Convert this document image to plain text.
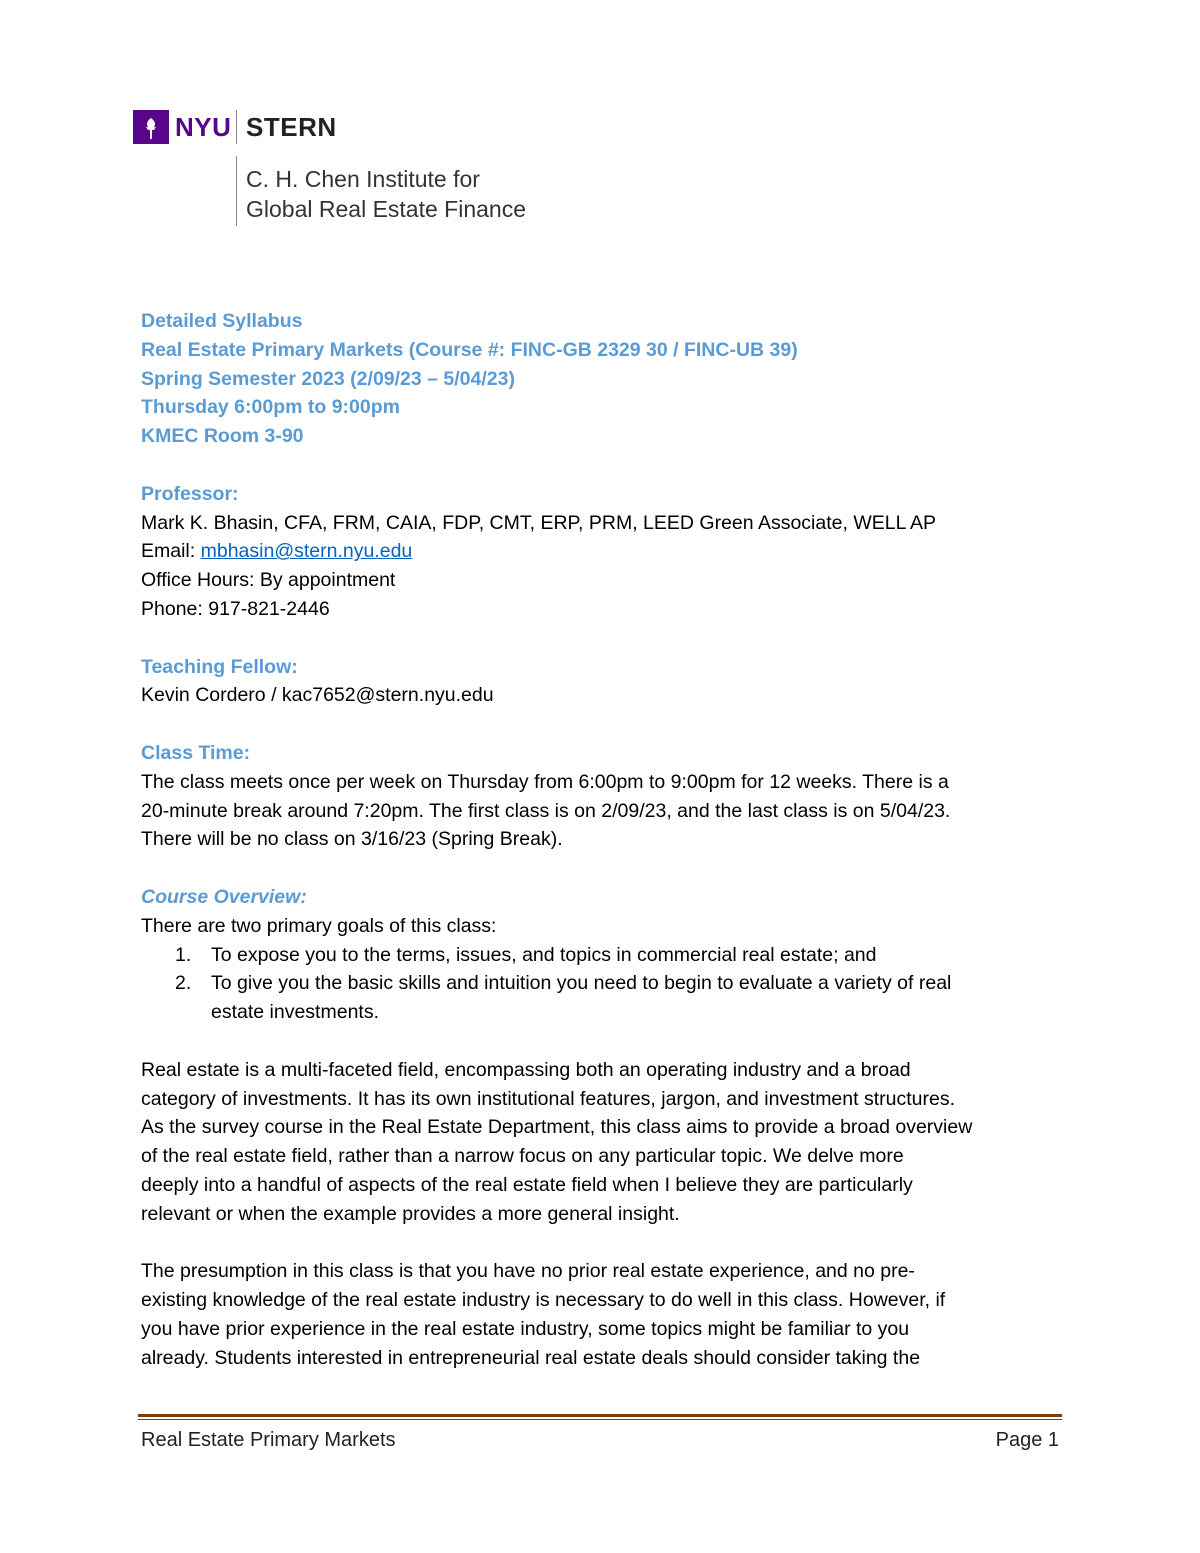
NYU STERN
C. H. Chen Institute for
Global Real Estate Finance
Detailed Syllabus
Real Estate Primary Markets (Course #: FINC-GB 2329 30 / FINC-UB 39)
Spring Semester 2023 (2/09/23 – 5/04/23)
Thursday 6:00pm to 9:00pm
KMEC Room 3-90
Professor:
Mark K. Bhasin, CFA, FRM, CAIA, FDP, CMT, ERP, PRM, LEED Green Associate, WELL AP
Email: mbhasin@stern.nyu.edu
Office Hours: By appointment
Phone: 917-821-2446
Teaching Fellow:
Kevin Cordero / kac7652@stern.nyu.edu
Class Time:
The class meets once per week on Thursday from 6:00pm to 9:00pm for 12 weeks. There is a
20-minute break around 7:20pm. The first class is on 2/09/23, and the last class is on 5/04/23.
There will be no class on 3/16/23 (Spring Break).
Course Overview:
There are two primary goals of this class:
1. To expose you to the terms, issues, and topics in commercial real estate; and
2. To give you the basic skills and intuition you need to begin to evaluate a variety of real
estate investments.
Real estate is a multi-faceted field, encompassing both an operating industry and a broad
category of investments. It has its own institutional features, jargon, and investment structures.
As the survey course in the Real Estate Department, this class aims to provide a broad overview
of the real estate field, rather than a narrow focus on any particular topic. We delve more
deeply into a handful of aspects of the real estate field when I believe they are particularly
relevant or when the example provides a more general insight.
The presumption in this class is that you have no prior real estate experience, and no pre-
existing knowledge of the real estate industry is necessary to do well in this class. However, if
you have prior experience in the real estate industry, some topics might be familiar to you
already. Students interested in entrepreneurial real estate deals should consider taking the
Real Estate Primary Markets	Page 1
